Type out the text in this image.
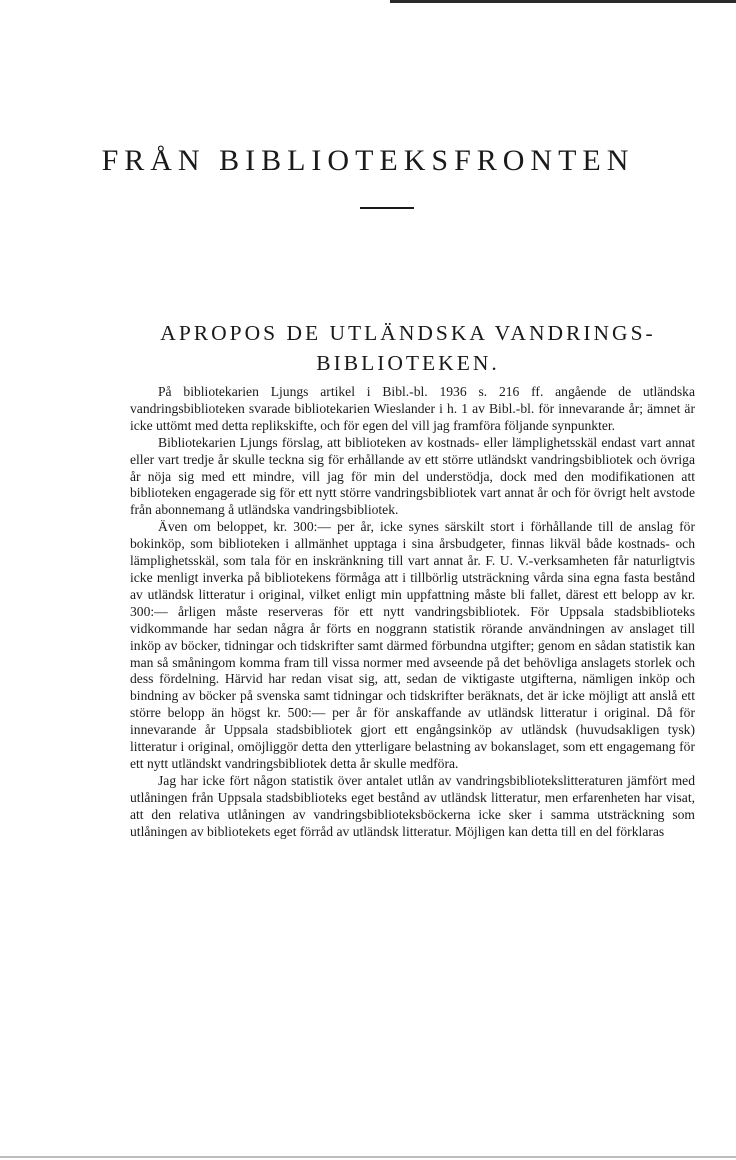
FRÅN BIBLIOTEKSFRONTEN
APROPOS DE UTLÄNDSKA VANDRINGS-
BIBLIOTEKEN.

På bibliotekarien Ljungs artikel i Bibl.-bl. 1936 s. 216 ff. angående de utländska vandringsbiblioteken svarade bibliotekarien Wieslander i h. 1 av Bibl.-bl. för innevarande år; ämnet är icke uttömt med detta replikskifte, och för egen del vill jag framföra följande synpunkter.

Bibliotekarien Ljungs förslag, att biblioteken av kostnads- eller lämplighetsskäl endast vart annat eller vart tredje år skulle teckna sig för erhållande av ett större utländskt vandringsbibliotek och övriga år nöja sig med ett mindre, vill jag för min del understödja, dock med den modifikationen att biblioteken engagerade sig för ett nytt större vandringsbibliotek vart annat år och för övrigt helt avstode från abonnemang å utländska vandringsbibliotek.

Även om beloppet, kr. 300:— per år, icke synes särskilt stort i förhållande till de anslag för bokinköp, som biblioteken i allmänhet upptaga i sina årsbudgeter, finnas likväl både kostnads- och lämplighetsskäl, som tala för en inskränkning till vart annat år. F. U. V.-verksamheten får naturligtvis icke menligt inverka på bibliotekens förmåga att i tillbörlig utsträckning vårda sina egna fasta bestånd av utländsk litteratur i original, vilket enligt min uppfattning måste bli fallet, därest ett belopp av kr. 300:— årligen måste reserveras för ett nytt vandringsbibliotek. För Uppsala stadsbiblioteks vidkommande har sedan några år förts en noggrann statistik rörande användningen av anslaget till inköp av böcker, tidningar och tidskrifter samt därmed förbundna utgifter; genom en sådan statistik kan man så småningom komma fram till vissa normer med avseende på det behövliga anslagets storlek och dess fördelning. Härvid har redan visat sig, att, sedan de viktigaste utgifterna, nämligen inköp och bindning av böcker på svenska samt tidningar och tidskrifter beräknats, det är icke möjligt att anslå ett större belopp än högst kr. 500:— per år för anskaffande av utländsk litteratur i original. Då för innevarande år Uppsala stadsbibliotek gjort ett engångsinköp av utländsk (huvudsakligen tysk) litteratur i original, omöjliggör detta den ytterligare belastning av bokanslaget, som ett engagemang för ett nytt utländskt vandringsbibliotek detta år skulle medföra.

Jag har icke fört någon statistik över antalet utlån av vandringsbibliotekslitteraturen jämfört med utlåningen från Uppsala stadsbiblioteks eget bestånd av utländsk litteratur, men erfarenheten har visat, att den relativa utlåningen av vandringsbiblioteksböckerna icke sker i samma utsträckning som utlåningen av bibliotekets eget förråd av utländsk litteratur. Möjligen kan detta till en del förklaras
